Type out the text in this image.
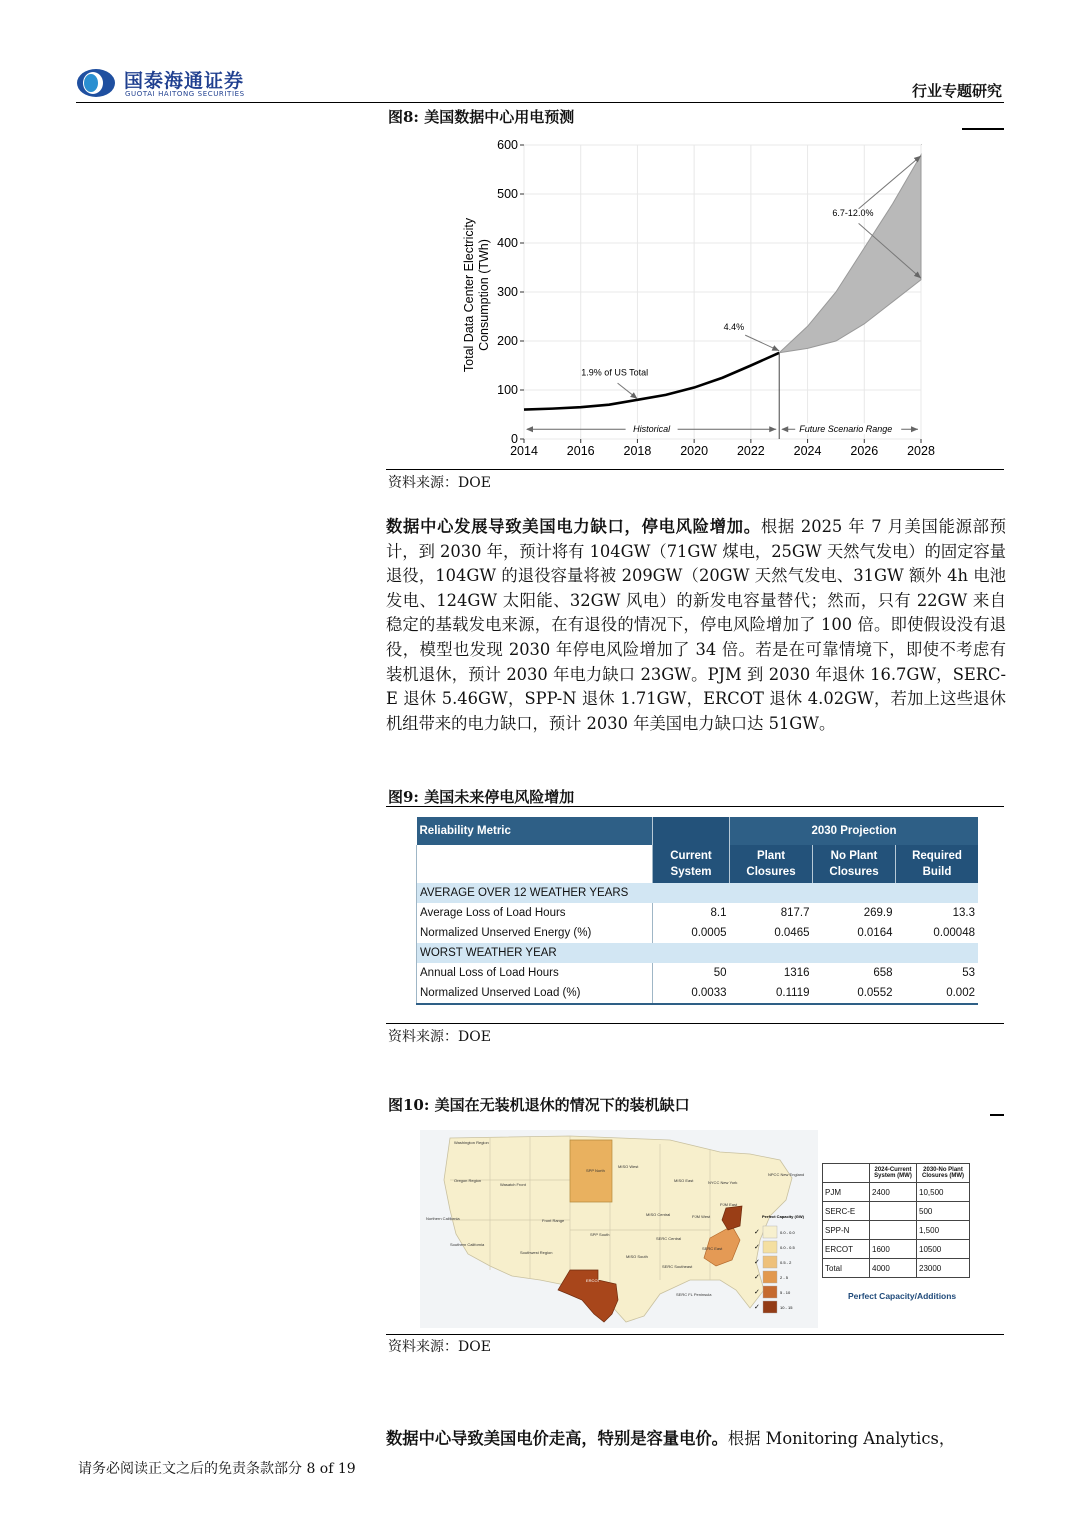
国泰海通证券
GUOTAI HAITONG SECURITIES	行业专题研究
图8: 美国数据中心用电预测
0
100
200
300
400
500
600
2014 2016 2018 2020 2022 2024 2026 2028
Historical	Future Scenario Range
1.9% of US Total
4.4%
6.7-12.0%
Total Data Center Electricity Consumption (TWh)
资料来源：DOE
数据中心发展导致美国电力缺口，停电风险增加。根据 2025 年 7 月美国能源部预计，到 2030 年，预计将有 104GW（71GW 煤电，25GW 天然气发电）的固定容量退役，104GW 的退役容量将被 209GW（20GW 天然气发电、31GW 额外 4h 电池发电、124GW 太阳能、32GW 风电）的新发电容量替代；然而，只有 22GW 来自稳定的基载发电来源，在有退役的情况下，停电风险增加了 100 倍。即使假设没有退役，模型也发现 2030 年停电风险增加了 34 倍。若是在可靠情境下，即使不考虑有装机退休，预计 2030 年电力缺口 23GW。PJM 到 2030 年退休 16.7GW，SERC-E 退休 5.46GW，SPP-N 退休 1.71GW，ERCOT 退休 4.02GW，若加上这些退休机组带来的电力缺口，预计 2030 年美国电力缺口达 51GW。
图9: 美国未来停电风险增加
Reliability Metric		2030 Projection		
	Current System	Plant Closures	No Plant Closures	Required Build
AVERAGE OVER 12 WEATHER YEARS				
Average Loss of Load Hours	8.1	817.7	269.9	13.3
Normalized Unserved Energy (%)	0.0005	0.0465	0.0164	0.00048
WORST WEATHER YEAR				
Annual Loss of Load Hours	50	1316	658	53
Normalized Unserved Load (%)	0.0033	0.1119	0.0552	0.002
资料来源：DOE
图10: 美国在无装机退休的情况下的装机缺口
Washington Region
Oregon Region
Wasatch Front
Northern California
Southern California
Front Range
Southwest Region
SPP North
SPP South
ERCOT
MISO West
MISO East
MISO Central
MISO South
PJM West
PJM East
NYCC New York
NPCC New England
SERC Central
SERC East
SERC Southeast
SERC FL Peninsula
Perfect Capacity (GW)
✓	0.0 - 0.0
✓	0.0 - 0.5
✓	0.5 - 2
✓	2 - 5
✓	5 - 10
✓	10 - 15
	2024-Current System (MW)	2030-No Plant Closures (MW)
PJM	2400	10,500
SERC-E		500
SPP-N		1,500
ERCOT	1600	10500
Total	4000	23000
Perfect Capacity/Additions
资料来源：DOE
数据中心导致美国电价走高，特别是容量电价。根据 Monitoring Analytics，
请务必阅读正文之后的免责条款部分 8 of 19
